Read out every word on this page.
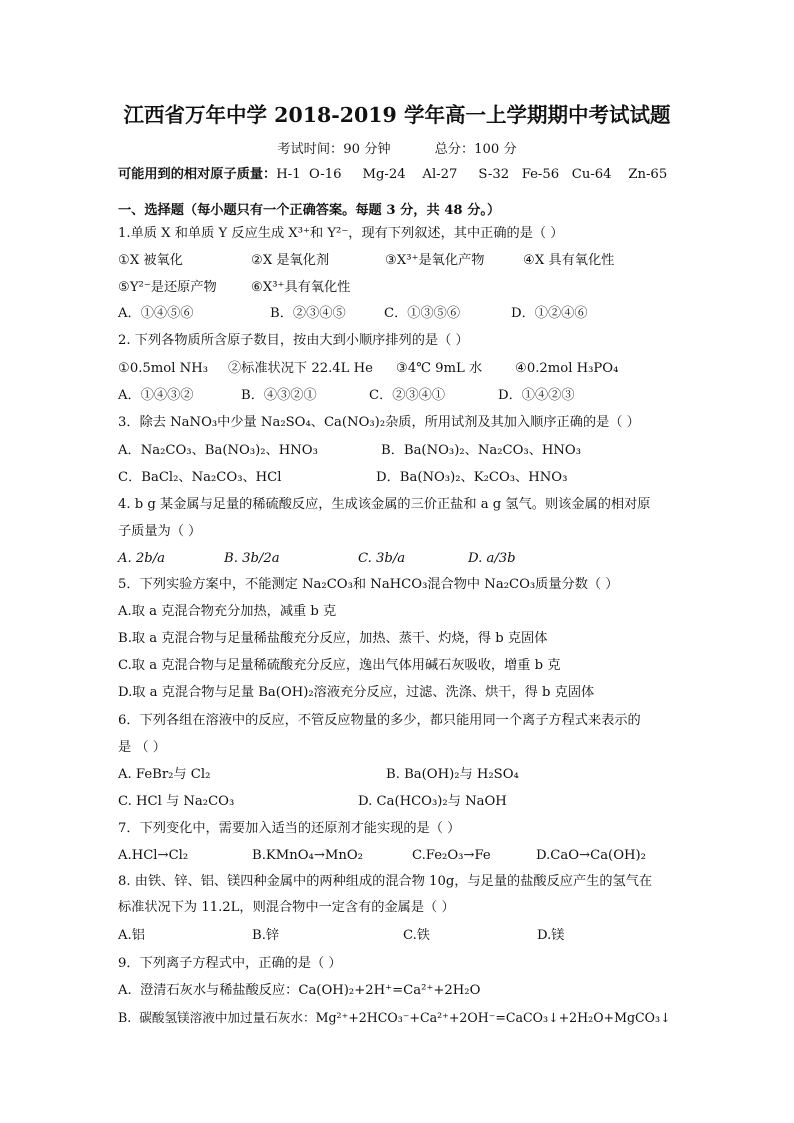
江西省万年中学 2018-2019 学年高一上学期期中考试试题
考试时间：90 分钟	总分：100 分
可能用到的相对原子质量：H-1  O-16     Mg-24    Al-27     S-32   Fe-56   Cu-64    Zn-65
一、选择题（每小题只有一个正确答案。每题 3 分，共 48 分。）
1.单质 X 和单质 Y 反应生成 X³⁺和 Y²⁻，现有下列叙述，其中正确的是（ ）
①X 被氧化	②X 是氧化剂	③X³⁺是氧化产物	④X 具有氧化性
⑤Y²⁻是还原产物	⑥X³⁺具有氧化性
A．①④⑤⑥	B．②③④⑤	C．①③⑤⑥	D．①②④⑥
2. 下列各物质所含原子数目，按由大到小顺序排列的是（ ）
①0.5mol NH₃	②标准状况下 22.4L He	③4℃ 9mL 水	④0.2mol H₃PO₄
A．①④③②	B．④③②①	C．②③④①	D．①④②③
3．除去 NaNO₃中少量 Na₂SO₄、Ca(NO₃)₂杂质，所用试剂及其加入顺序正确的是（ ）
A．Na₂CO₃、Ba(NO₃)₂、HNO₃	B．Ba(NO₃)₂、Na₂CO₃、HNO₃
C．BaCl₂、Na₂CO₃、HCl	D．Ba(NO₃)₂、K₂CO₃、HNO₃
4. b g 某金属与足量的稀硫酸反应，生成该金属的三价正盐和 a g 氢气。则该金属的相对原
子质量为（ ）
A. 2b/a	B. 3b/2a	C. 3b/a	D. a/3b
5．下列实验方案中，不能测定 Na₂CO₃和 NaHCO₃混合物中 Na₂CO₃质量分数（ ）
A.取 a 克混合物充分加热，减重 b 克
B.取 a 克混合物与足量稀盐酸充分反应，加热、蒸干、灼烧，得 b 克固体
C.取 a 克混合物与足量稀硫酸充分反应，逸出气体用碱石灰吸收，增重 b 克
D.取 a 克混合物与足量 Ba(OH)₂溶液充分反应，过滤、洗涤、烘干，得 b 克固体
6．下列各组在溶液中的反应，不管反应物量的多少，都只能用同一个离子方程式来表示的
是 （ ）
A. FeBr₂与 Cl₂	B. Ba(OH)₂与 H₂SO₄
C. HCl 与 Na₂CO₃	D. Ca(HCO₃)₂与 NaOH
7．下列变化中，需要加入适当的还原剂才能实现的是（ ）
A.HCl→Cl₂	B.KMnO₄→MnO₂	C.Fe₂O₃→Fe	D.CaO→Ca(OH)₂
8. 由铁、锌、铝、镁四种金属中的两种组成的混合物 10g，与足量的盐酸反应产生的氢气在
标准状况下为 11.2L，则混合物中一定含有的金属是（ ）
A.铝	B.锌	C.铁	D.镁
9．下列离子方程式中，正确的是（ ）
A.  澄清石灰水与稀盐酸反应：Ca(OH)₂+2H⁺=Ca²⁺+2H₂O
B.  碳酸氢镁溶液中加过量石灰水：Mg²⁺+2HCO₃⁻+Ca²⁺+2OH⁻=CaCO₃↓+2H₂O+MgCO₃↓
